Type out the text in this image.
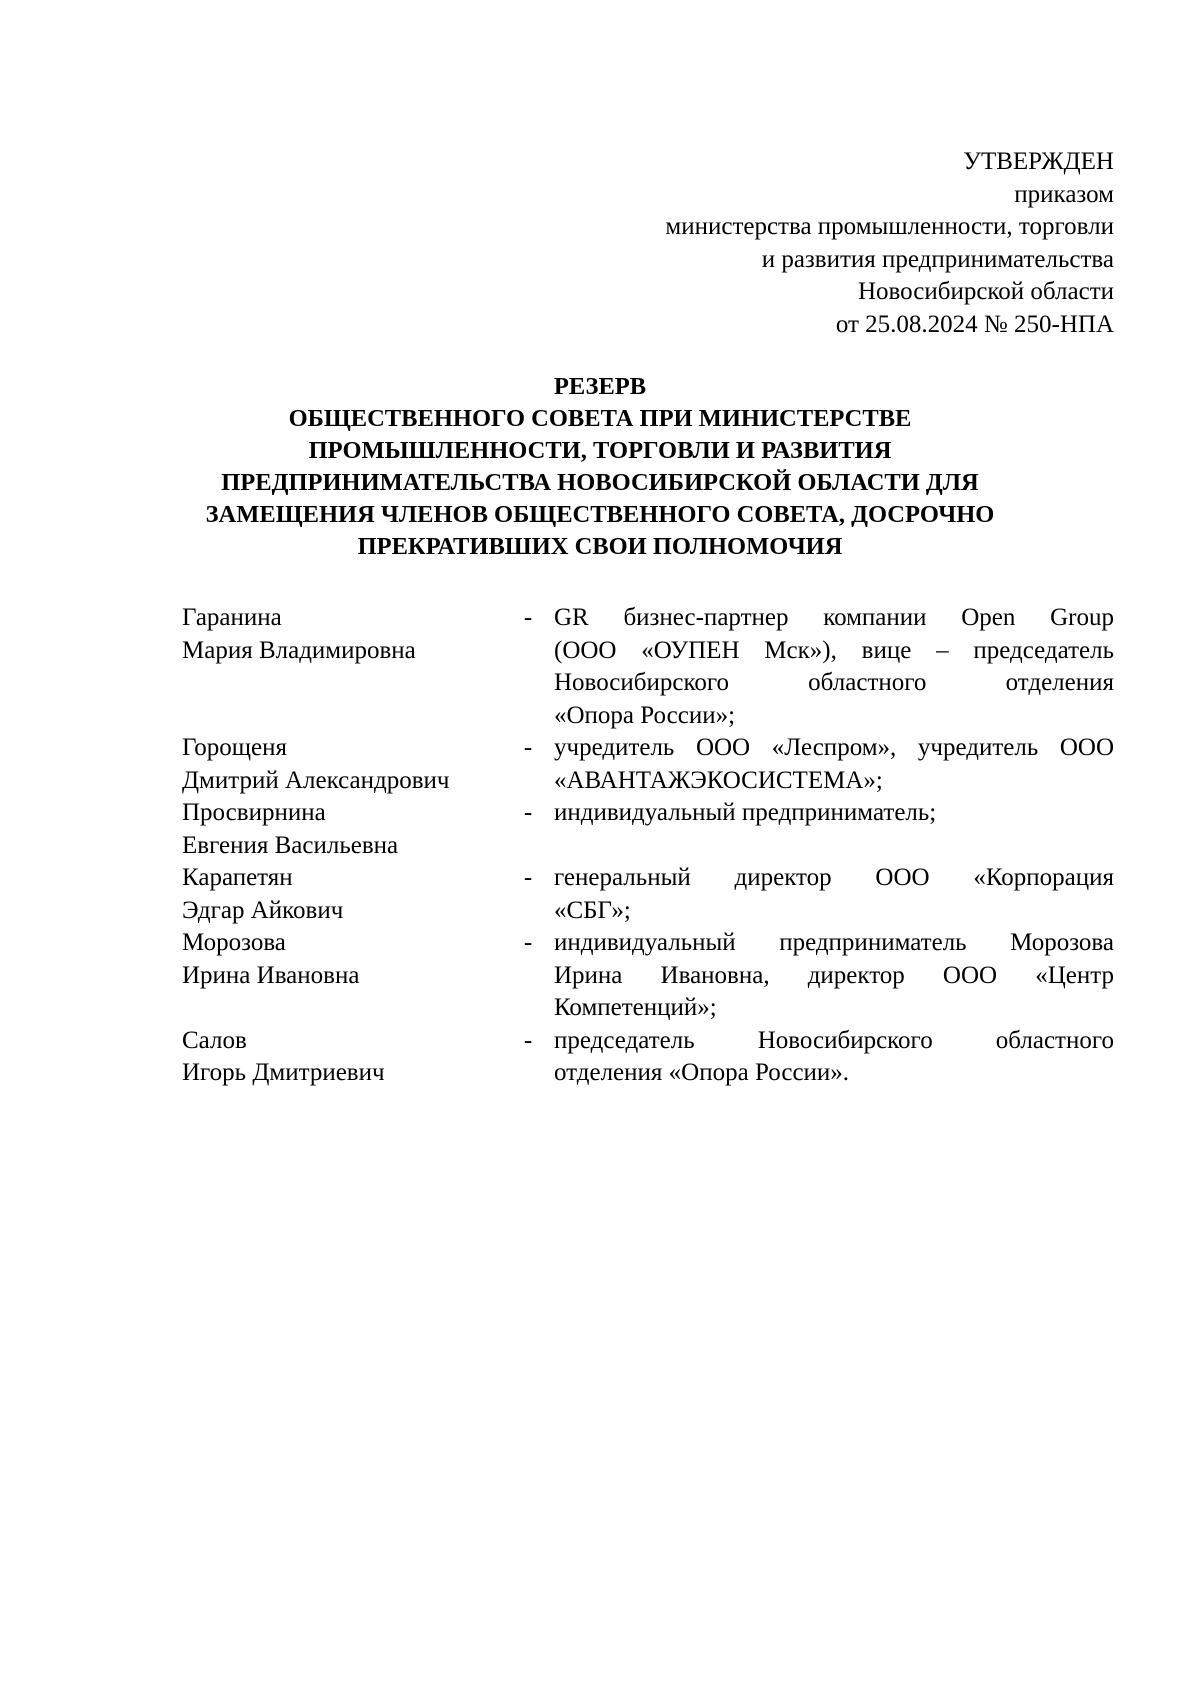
УТВЕРЖДЕН
приказом
министерства промышленности, торговли
и развития предпринимательства
Новосибирской области
от 25.08.2024 № 250-НПА
РЕЗЕРВ
ОБЩЕСТВЕННОГО СОВЕТА ПРИ МИНИСТЕРСТВЕ
ПРОМЫШЛЕННОСТИ, ТОРГОВЛИ И РАЗВИТИЯ
ПРЕДПРИНИМАТЕЛЬСТВА НОВОСИБИРСКОЙ ОБЛАСТИ ДЛЯ
ЗАМЕЩЕНИЯ ЧЛЕНОВ ОБЩЕСТВЕННОГО СОВЕТА, ДОСРОЧНО
ПРЕКРАТИВШИХ СВОИ ПОЛНОМОЧИЯ
Гаранина
Мария Владимировна
- GR бизнес-партнер компании Open Group
(ООО «ОУПЕН Мск»), вице – председатель
Новосибирского областного отделения
«Опора России»;
Горощеня
Дмитрий Александрович
- учредитель ООО «Леспром», учредитель ООО
«АВАНТАЖЭКОСИСТЕМА»;
Просвирнина
Евгения Васильевна
- индивидуальный предприниматель;
Карапетян
Эдгар Айкович
- генеральный директор ООО «Корпорация
«СБГ»;
Морозова
Ирина Ивановна
- индивидуальный предприниматель Морозова
Ирина Ивановна, директор ООО «Центр
Компетенций»;
Салов
Игорь Дмитриевич
- председатель Новосибирского областного
отделения «Опора России».
